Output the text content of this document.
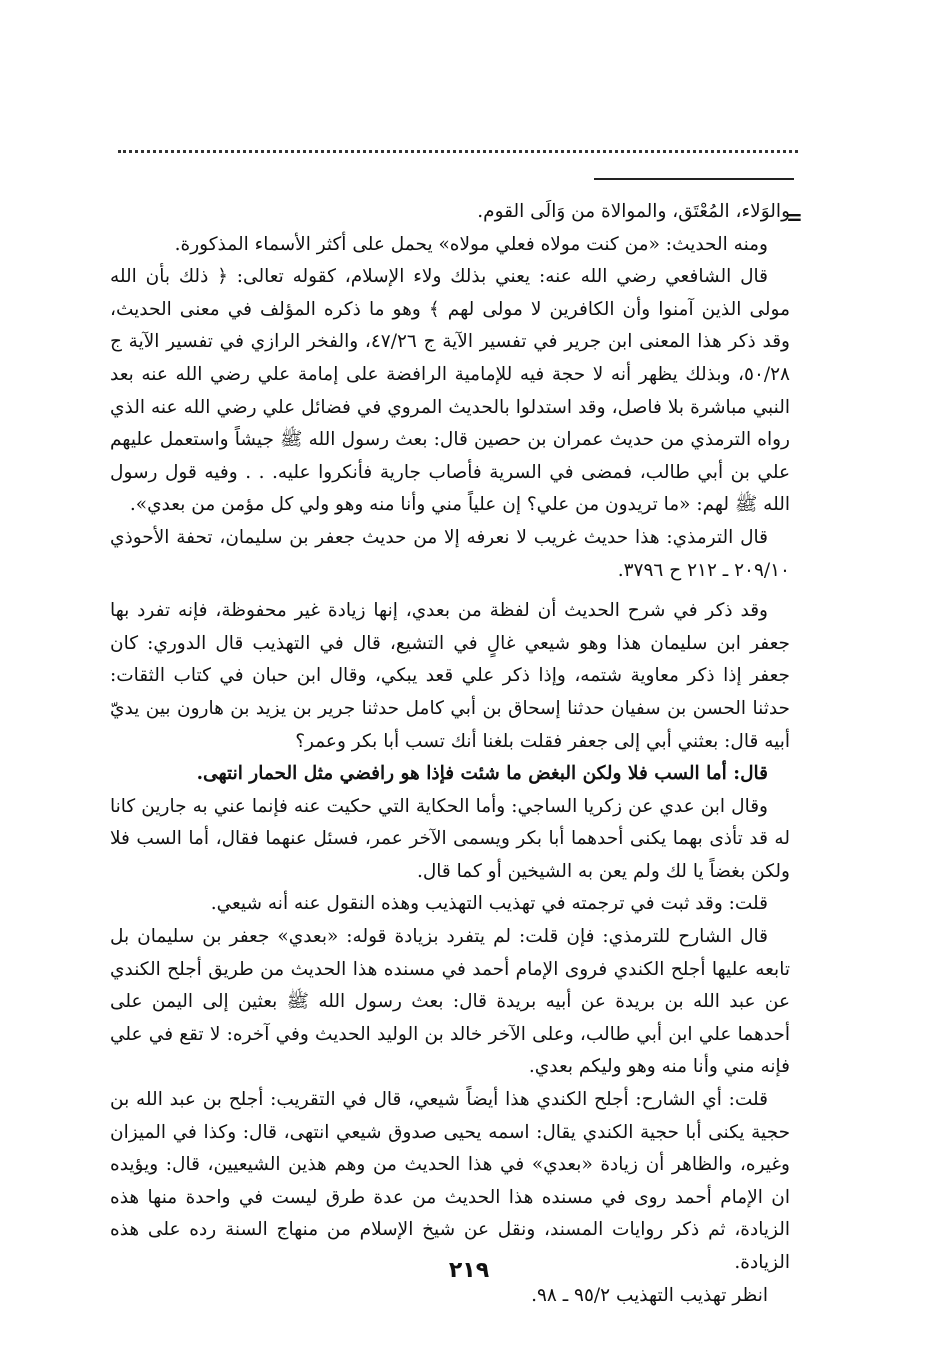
=

والوَلاء، المُعْتَق، والموالاة من وَالَى القوم.

ومنه الحديث: «من كنت مولاه فعلي مولاه» يحمل على أكثر الأسماء المذكورة.

قال الشافعي رضي الله عنه: يعني بذلك ولاء الإسلام، كقوله تعالى: ﴿ ذلك بأن الله مولى الذين آمنوا وأن الكافرين لا مولى لهم ﴾ وهو ما ذكره المؤلف في معنى الحديث، وقد ذكر هذا المعنى ابن جرير في تفسير الآية ج ٤٧/٢٦، والفخر الرازي في تفسير الآية ج ٥٠/٢٨، وبذلك يظهر أنه لا حجة فيه للإمامية الرافضة على إمامة علي رضي الله عنه بعد النبي مباشرة بلا فاصل، وقد استدلوا بالحديث المروي في فضائل علي رضي الله عنه الذي رواه الترمذي من حديث عمران بن حصين قال: بعث رسول الله ﷺ جيشاً واستعمل عليهم علي بن أبي طالب، فمضى في السرية فأصاب جارية فأنكروا عليه. . . وفيه قول رسول الله ﷺ لهم: «ما تريدون من علي؟ إن علياً مني وأنا منه وهو ولي كل مؤمن من بعدي».

قال الترمذي: هذا حديث غريب لا نعرفه إلا من حديث جعفر بن سليمان، تحفة الأحوذي ٢٠٩/١٠ ـ ٢١٢ ح ٣٧٩٦.

وقد ذكر في شرح الحديث أن لفظة من بعدي، إنها زيادة غير محفوظة، فإنه تفرد بها جعفر ابن سليمان هذا وهو شيعي غالٍ في التشيع، قال في التهذيب قال الدوري: كان جعفر إذا ذكر معاوية شتمه، وإذا ذكر علي قعد يبكي، وقال ابن حبان في كتاب الثقات: حدثنا الحسن بن سفيان حدثنا إسحاق بن أبي كامل حدثنا جرير بن يزيد بن هارون بين يديّ أبيه قال: بعثني أبي إلى جعفر فقلت بلغنا أنك تسب أبا بكر وعمر؟

قال: أما السب فلا ولكن البغض ما شئت فإذا هو رافضي مثل الحمار انتهى.

وقال ابن عدي عن زكريا الساجي: وأما الحكاية التي حكيت عنه فإنما عني به جارين كانا له قد تأذى بهما يكنى أحدهما أبا بكر ويسمى الآخر عمر، فسئل عنهما فقال، أما السب فلا ولكن بغضاً يا لك ولم يعن به الشيخين أو كما قال.

قلت: وقد ثبت في ترجمته في تهذيب التهذيب وهذه النقول عنه أنه شيعي.

قال الشارح للترمذي: فإن قلت: لم يتفرد بزيادة قوله: «بعدي» جعفر بن سليمان بل تابعه عليها أجلح الكندي فروى الإمام أحمد في مسنده هذا الحديث من طريق أجلح الكندي عن عبد الله بن بريدة عن أبيه بريدة قال: بعث رسول الله ﷺ بعثين إلى اليمن على أحدهما علي ابن أبي طالب، وعلى الآخر خالد بن الوليد الحديث وفي آخره: لا تقع في علي فإنه مني وأنا منه وهو وليكم بعدي.

قلت: أي الشارح: أجلح الكندي هذا أيضاً شيعي، قال في التقريب: أجلح بن عبد الله بن حجية يكنى أبا حجية الكندي يقال: اسمه يحيى صدوق شيعي انتهى، قال: وكذا في الميزان وغيره، والظاهر أن زيادة «بعدي» في هذا الحديث من وهم هذين الشيعيين، قال: ويؤيده ان الإمام أحمد روى في مسنده هذا الحديث من عدة طرق ليست في واحدة منها هذه الزيادة، ثم ذكر روايات المسند، ونقل عن شيخ الإسلام من منهاج السنة رده على هذه الزيادة.

انظر تهذيب التهذيب ٩٥/٢ ـ ٩٨.

٢١٩
